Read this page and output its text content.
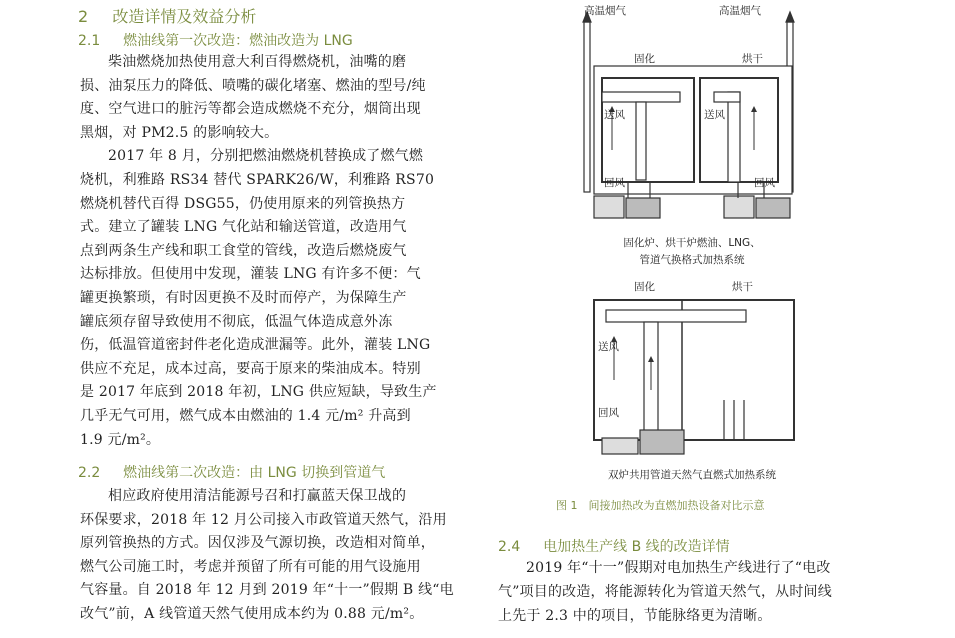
2 改造详情及效益分析
2.1 燃油线第一次改造：燃油改造为 LNG
柴油燃烧加热使用意大利百得燃烧机，油嘴的磨
损、油泵压力的降低、喷嘴的碳化堵塞、燃油的型号/纯
度、空气进口的脏污等都会造成燃烧不充分，烟筒出现
黑烟，对 PM2.5 的影响较大。
2017 年 8 月，分别把燃油燃烧机替换成了燃气燃
烧机，利雅路 RS34 替代 SPARK26/W，利雅路 RS70
燃烧机替代百得 DSG55，仍使用原来的列管换热方
式。建立了罐装 LNG 气化站和输送管道，改造用气
点到两条生产线和职工食堂的管线，改造后燃烧废气
达标排放。但使用中发现，灌装 LNG 有许多不便：气
罐更换繁琐，有时因更换不及时而停产，为保障生产
罐底须存留导致使用不彻底，低温气体造成意外冻
伤，低温管道密封件老化造成泄漏等。此外，灌装 LNG
供应不充足，成本过高，要高于原来的柴油成本。特别
是 2017 年底到 2018 年初，LNG 供应短缺，导致生产
几乎无气可用，燃气成本由燃油的 1.4 元/m² 升高到
1.9 元/m²。
2.2 燃油线第二次改造：由 LNG 切换到管道气
相应政府使用清洁能源号召和打赢蓝天保卫战的
环保要求，2018 年 12 月公司接入市政管道天然气，沿用
原列管换热的方式。因仅涉及气源切换，改造相对简单，
燃气公司施工时，考虑并预留了所有可能的用气设施用
气容量。自 2018 年 12 月到 2019 年“十一”假期 B 线“电
改气”前，A 线管道天然气使用成本约为 0.88 元/m²。
高温烟气	高温烟气
固化	烘干
送风	送风
回风	回风
固化炉、烘干炉燃油、LNG、
管道气换格式加热系统
固化	烘干
送风
回风
双炉共用管道天然气直燃式加热系统
图 1　间接加热改为直燃加热设备对比示意
2.4 电加热生产线 B 线的改造详情
2019 年“十一”假期对电加热生产线进行了“电改
气”项目的改造，将能源转化为管道天然气，从时间线
上先于 2.3 中的项目，节能脉络更为清晰。
